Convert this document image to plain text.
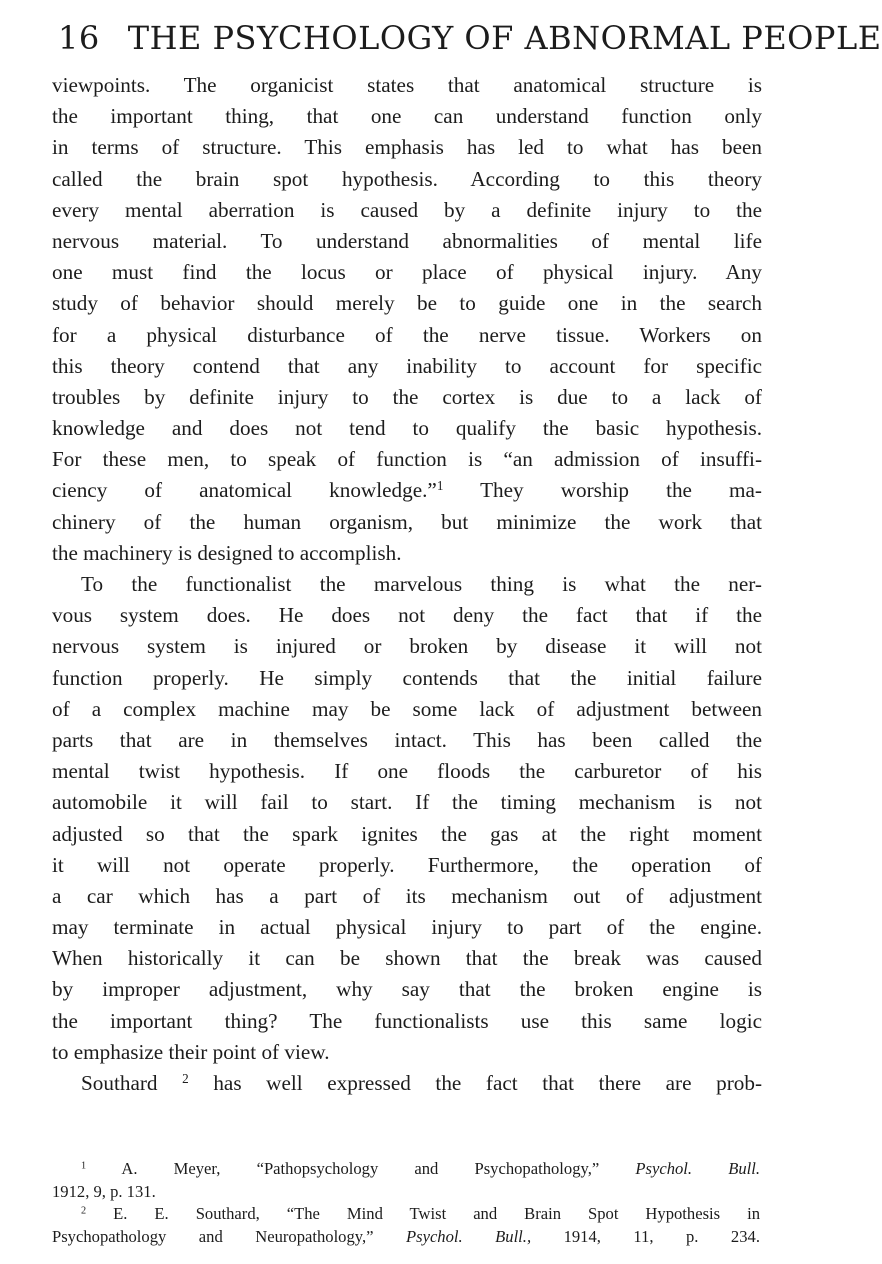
16 THE PSYCHOLOGY OF ABNORMAL PEOPLE
viewpoints. The organicist states that anatomical structure is
the important thing, that one can understand function only
in terms of structure. This emphasis has led to what has been
called the brain spot hypothesis. According to this theory
every mental aberration is caused by a definite injury to the
nervous material. To understand abnormalities of mental life
one must find the locus or place of physical injury. Any
study of behavior should merely be to guide one in the search
for a physical disturbance of the nerve tissue. Workers on
this theory contend that any inability to account for specific
troubles by definite injury to the cortex is due to a lack of
knowledge and does not tend to qualify the basic hypothesis.
For these men, to speak of function is “an admission of insuffi-
ciency of anatomical knowledge.”$^1$ They worship the ma-
chinery of the human organism, but minimize the work that
the machinery is designed to accomplish.
To the functionalist the marvelous thing is what the ner-
vous system does. He does not deny the fact that if the
nervous system is injured or broken by disease it will not
function properly. He simply contends that the initial failure
of a complex machine may be some lack of adjustment between
parts that are in themselves intact. This has been called the
mental twist hypothesis. If one floods the carburetor of his
automobile it will fail to start. If the timing mechanism is not
adjusted so that the spark ignites the gas at the right moment
it will not operate properly. Furthermore, the operation of
a car which has a part of its mechanism out of adjustment
may terminate in actual physical injury to part of the engine.
When historically it can be shown that the break was caused
by improper adjustment, why say that the broken engine is
the important thing? The functionalists use this same logic
to emphasize their point of view.
Southard $^2$ has well expressed the fact that there are prob-
$^1$ A. Meyer, “Pathopsychology and Psychopathology,” Psychol. Bull.
1912, 9, p. 131.
$^2$ E. E. Southard, “The Mind Twist and Brain Spot Hypothesis in
Psychopathology and Neuropathology,” Psychol. Bull., 1914, 11, p. 234.
